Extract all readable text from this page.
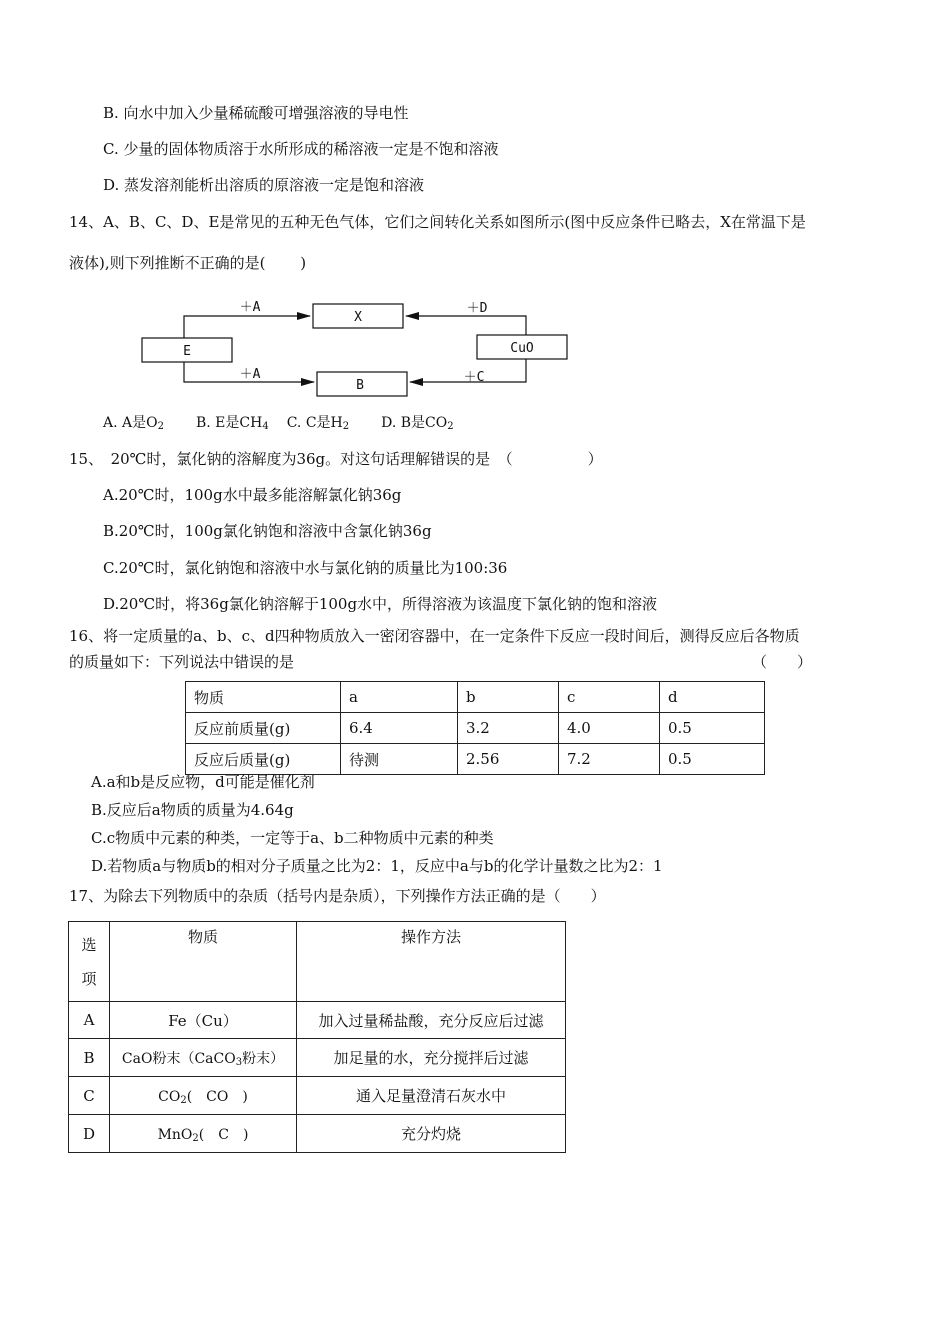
B. 向水中加入少量稀硫酸可增强溶液的导电性
C. 少量的固体物质溶于水所形成的稀溶液一定是不饱和溶液
D. 蒸发溶剂能析出溶质的原溶液一定是饱和溶液
14、A、B、C、D、E是常见的五种无色气体，它们之间转化关系如图所示(图中反应条件已略去，X在常温下是
液体),则下列推断不正确的是(　　 )
X
E	CuO
B
＋A	＋D
＋A	＋C
A. A是$O_2$ B. E是$CH_4$ C. C是$H_2$ D. B是$CO_2$
15、　20℃时，氯化钠的溶解度为36g。对这句话理解错误的是　（　　　　　）
A.20℃时，100g水中最多能溶解氯化钠36g
B.20℃时，100g氯化钠饱和溶液中含氯化钠36g
C.20℃时，氯化钠饱和溶液中水与氯化钠的质量比为100:36
D.20℃时，将36g氯化钠溶解于100g水中，所得溶液为该温度下氯化钠的饱和溶液
16、将一定质量的a、b、c、d四种物质放入一密闭容器中，在一定条件下反应一段时间后，测得反应后各物质
的质量如下：下列说法中错误的是	（　　）
物质	a	b	c	d
反应前质量(g)	6.4	3.2	4.0	0.5
反应后质量(g)	待测	2.56	7.2	0.5
A.a和b是反应物，d可能是催化剂
B.反应后a物质的质量为4.64g
C.c物质中元素的种类，一定等于a、b二种物质中元素的种类
D.若物质a与物质b的相对分子质量之比为2：1，反应中a与b的化学计量数之比为2：1
17、为除去下列物质中的杂质（括号内是杂质），下列操作方法正确的是（　　）
选
项	物质	操作方法
A	Fe（Cu）	加入过量稀盐酸，充分反应后过滤
B	CaO粉末（CaCO$_3$粉末）	加足量的水，充分搅拌后过滤
C	$CO_2$(　CO　)	通入足量澄清石灰水中
D	MnO$_2$(　C　)	充分灼烧
